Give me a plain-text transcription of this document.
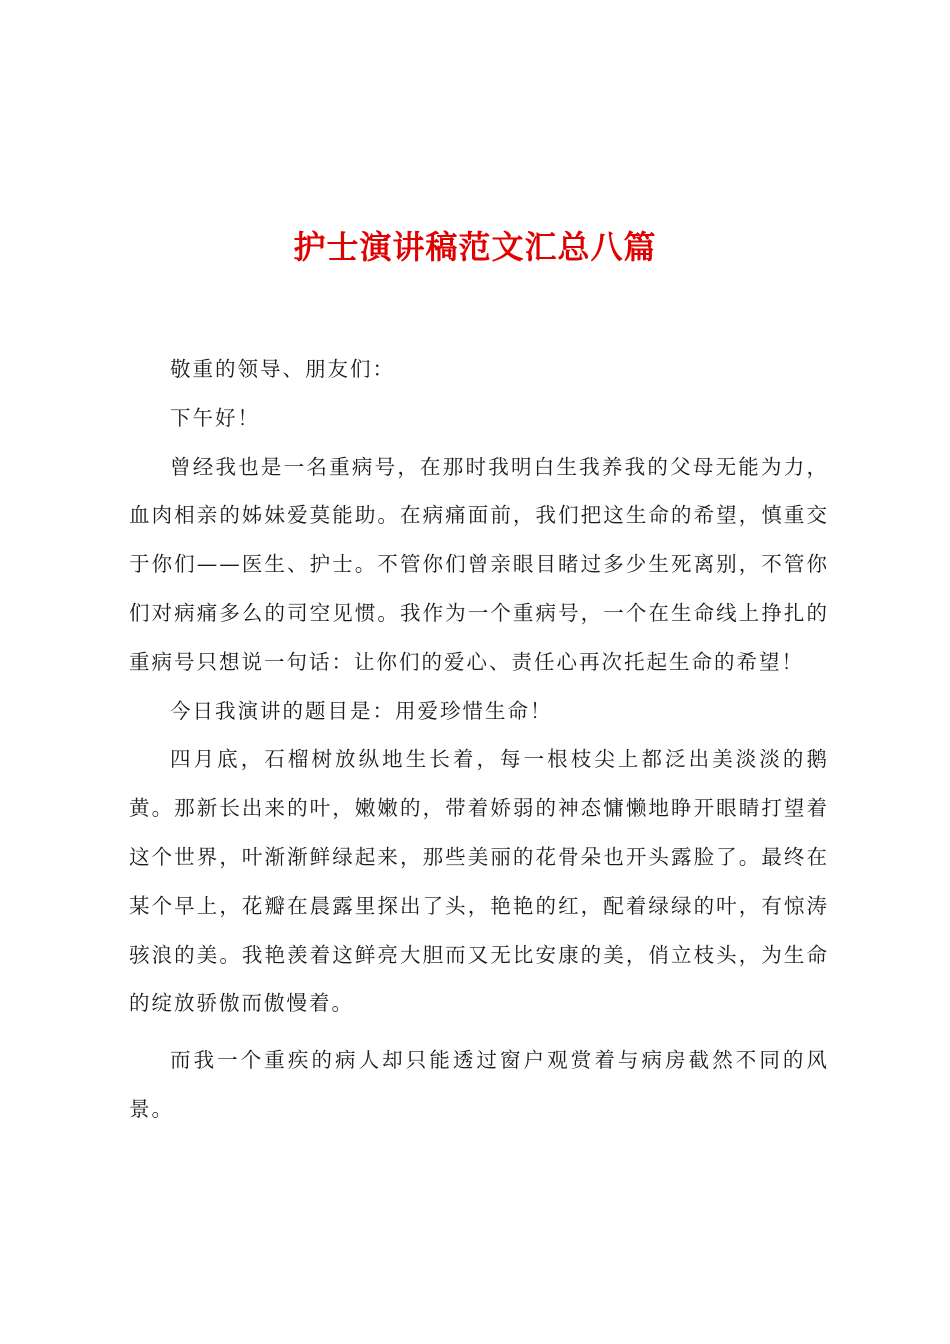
护士演讲稿范文汇总八篇

敬重的领导、朋友们：

下午好！

曾经我也是一名重病号，在那时我明白生我养我的父母无能为力，血肉相亲的姊妹爱莫能助。在病痛面前，我们把这生命的希望，慎重交于你们——医生、护士。不管你们曾亲眼目睹过多少生死离别，不管你们对病痛多么的司空见惯。我作为一个重病号，一个在生命线上挣扎的重病号只想说一句话：让你们的爱心、责任心再次托起生命的希望！

今日我演讲的题目是：用爱珍惜生命！

四月底，石榴树放纵地生长着，每一根枝尖上都泛出美淡淡的鹅黄。那新长出来的叶，嫩嫩的，带着娇弱的神态慵懒地睁开眼睛打望着这个世界，叶渐渐鲜绿起来，那些美丽的花骨朵也开头露脸了。最终在某个早上，花瓣在晨露里探出了头，艳艳的红，配着绿绿的叶，有惊涛骇浪的美。我艳羡着这鲜亮大胆而又无比安康的美，俏立枝头，为生命的绽放骄傲而傲慢着。

而我一个重疾的病人却只能透过窗户观赏着与病房截然不同的风景。
